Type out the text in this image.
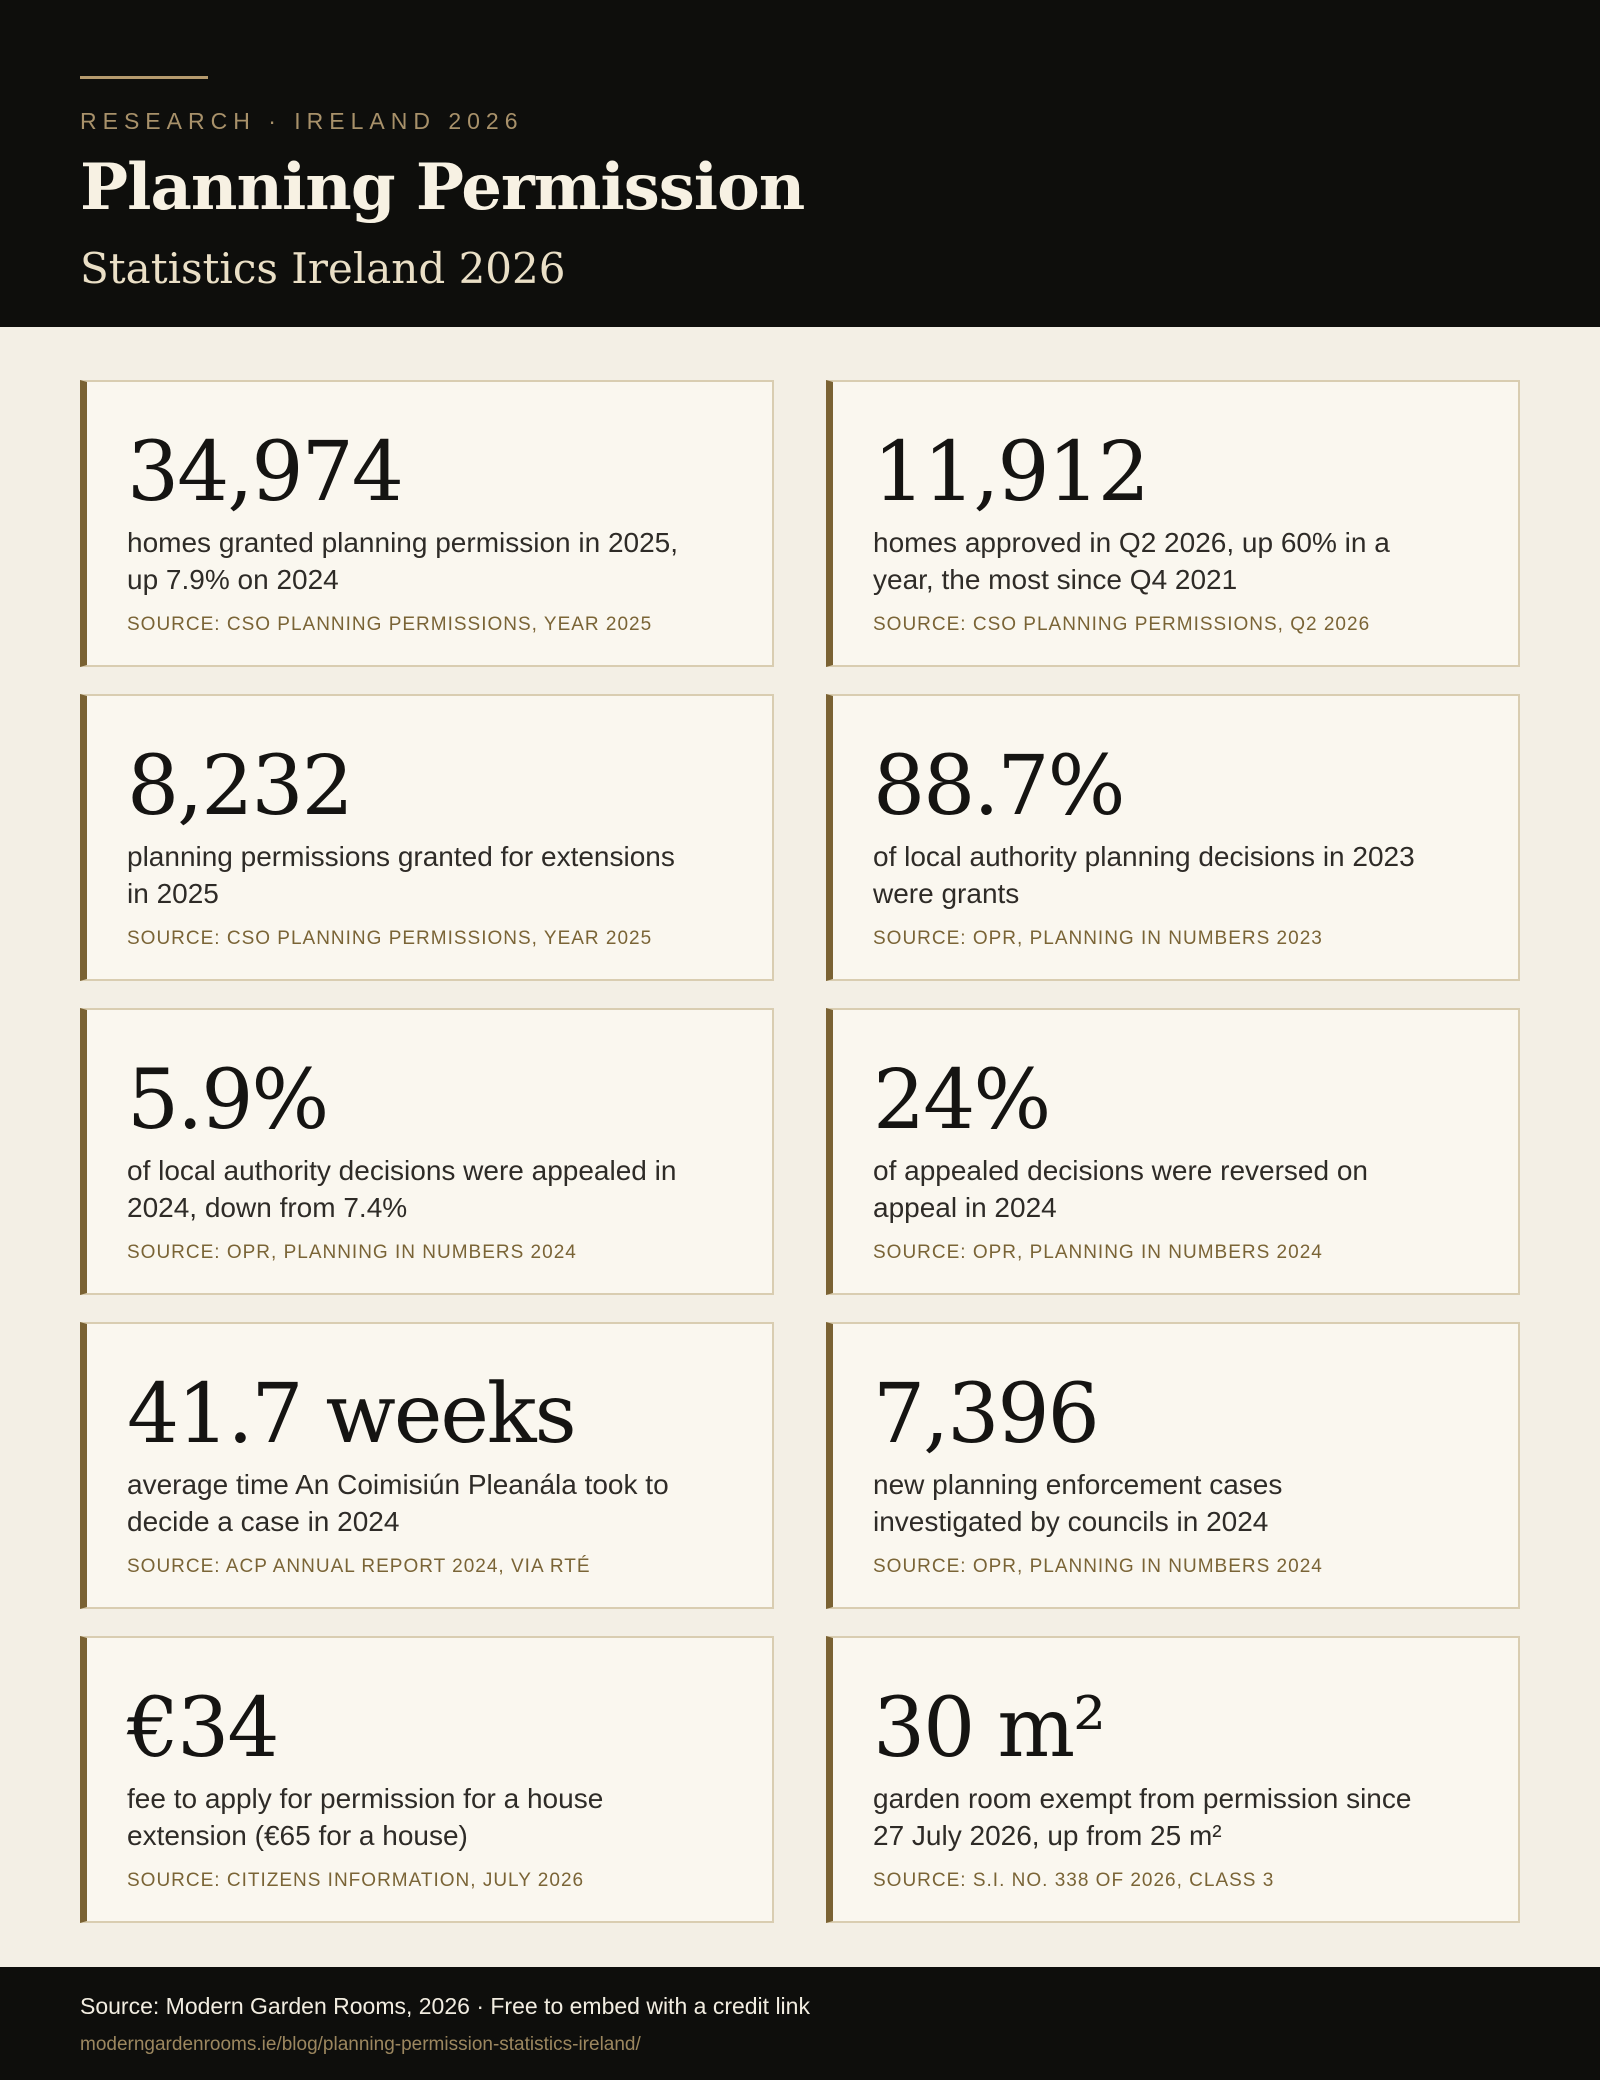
RESEARCH · IRELAND 2026
Planning Permission
Statistics Ireland 2026
34,974
homes granted planning permission in 2025, up 7.9% on 2024
SOURCE: CSO PLANNING PERMISSIONS, YEAR 2025
11,912
homes approved in Q2 2026, up 60% in a year, the most since Q4 2021
SOURCE: CSO PLANNING PERMISSIONS, Q2 2026
8,232
planning permissions granted for extensions in 2025
SOURCE: CSO PLANNING PERMISSIONS, YEAR 2025
88.7%
of local authority planning decisions in 2023 were grants
SOURCE: OPR, PLANNING IN NUMBERS 2023
5.9%
of local authority decisions were appealed in 2024, down from 7.4%
SOURCE: OPR, PLANNING IN NUMBERS 2024
24%
of appealed decisions were reversed on appeal in 2024
SOURCE: OPR, PLANNING IN NUMBERS 2024
41.7 weeks
average time An Coimisiún Pleanála took to decide a case in 2024
SOURCE: ACP ANNUAL REPORT 2024, VIA RTÉ
7,396
new planning enforcement cases investigated by councils in 2024
SOURCE: OPR, PLANNING IN NUMBERS 2024
€34
fee to apply for permission for a house extension (€65 for a house)
SOURCE: CITIZENS INFORMATION, JULY 2026
30 m²
garden room exempt from permission since 27 July 2026, up from 25 m²
SOURCE: S.I. NO. 338 OF 2026, CLASS 3
Source: Modern Garden Rooms, 2026 · Free to embed with a credit link
moderngardenrooms.ie/blog/planning-permission-statistics-ireland/
